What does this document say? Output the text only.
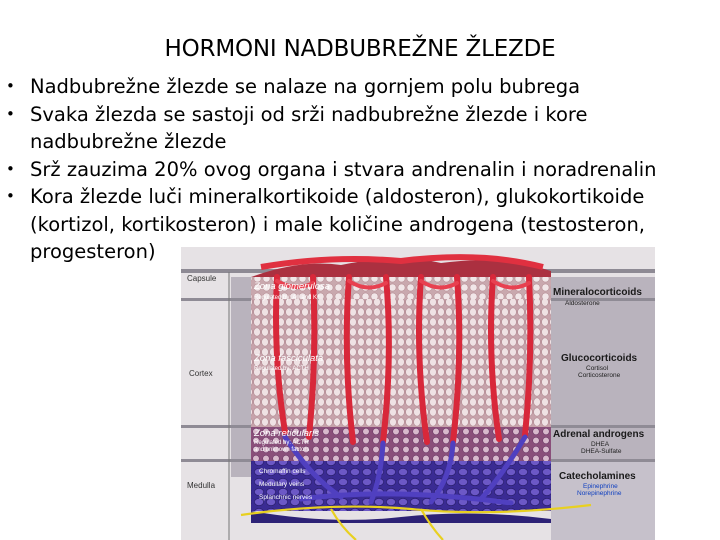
HORMONI NADBUBREŽNE ŽLEZDE
• Nadbubrežne žlezde se nalaze na gornjem polu bubrega
• Svaka žlezda se sastoji od srži nadbubrežne žlezde i kore nadbubrežne žlezde
• Srž zauzima 20% ovog organa i stvara andrenalin i noradrenalin
• Kora žlezde luči mineralkortikoide (aldosteron), glukokortikoide (kortizol, kortikosteron) i male količine androgena (testosteron, progesteron)
Capsule
Cortex
Medulla
Zona glomerulosa
Regulated by: AII and K⁺
Zona fasciculata
Regulated by: ACTH
Zona reticularis
Regulated by: ACTH
and unknown factors
Chromaffin cells
Medullary veins
Splanchnic nerves
Mineralocorticoids
Aldosterone
Glucocorticoids
Cortisol
Corticosterone
Adrenal androgens
DHEA
DHEA-Sulfate
Catecholamines
Epinephrine
Norepinephrine
